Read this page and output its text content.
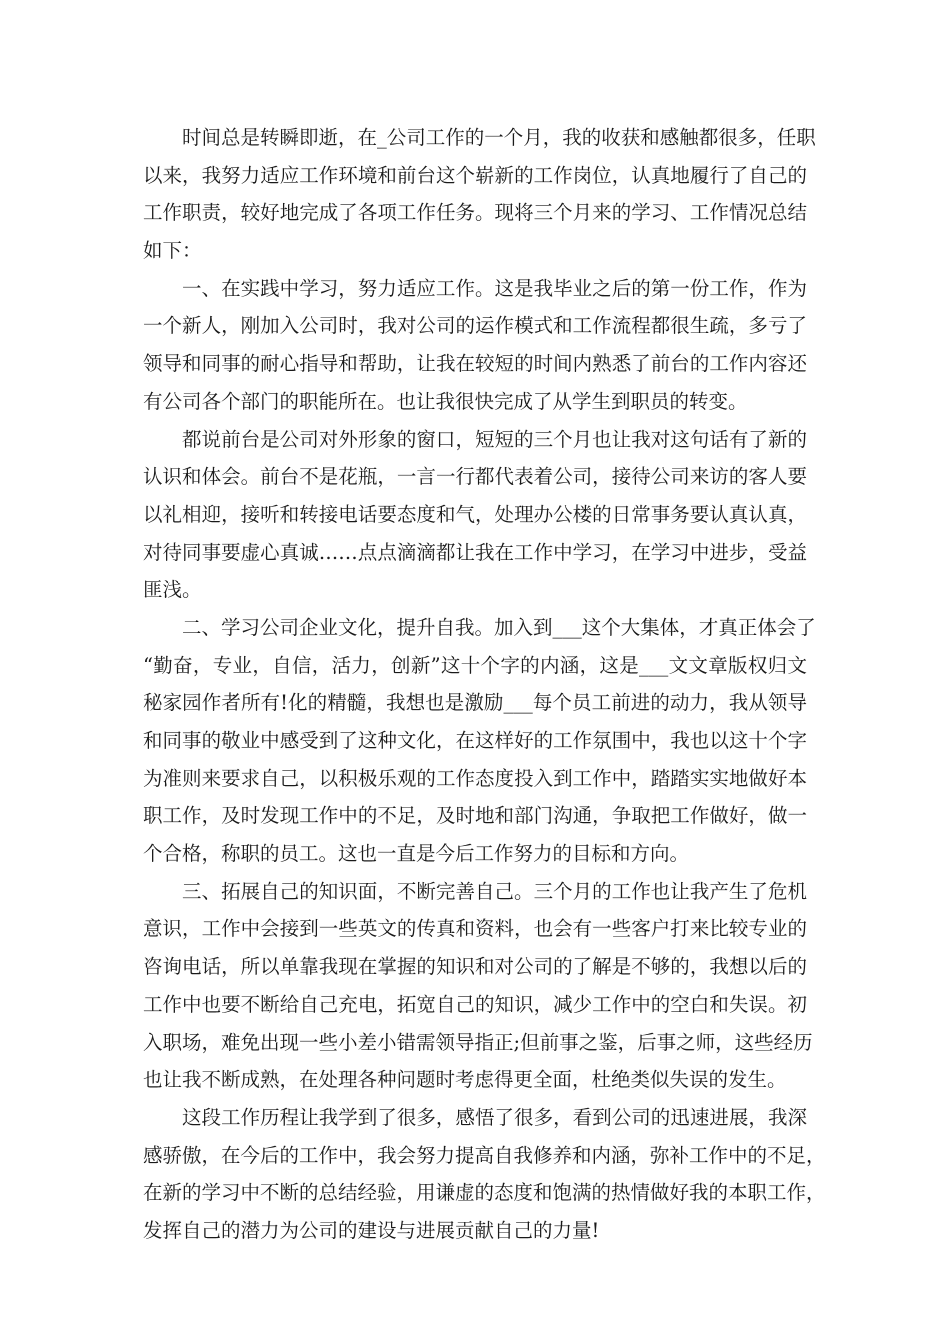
时间总是转瞬即逝，在_公司工作的一个月，我的收获和感触都很多，任职
以来，我努力适应工作环境和前台这个崭新的工作岗位，认真地履行了自己的
工作职责，较好地完成了各项工作任务。现将三个月来的学习、工作情况总结
如下：
一、在实践中学习，努力适应工作。这是我毕业之后的第一份工作，作为
一个新人，刚加入公司时，我对公司的运作模式和工作流程都很生疏，多亏了
领导和同事的耐心指导和帮助，让我在较短的时间内熟悉了前台的工作内容还
有公司各个部门的职能所在。也让我很快完成了从学生到职员的转变。
都说前台是公司对外形象的窗口，短短的三个月也让我对这句话有了新的
认识和体会。前台不是花瓶，一言一行都代表着公司，接待公司来访的客人要
以礼相迎，接听和转接电话要态度和气，处理办公楼的日常事务要认真认真，
对待同事要虚心真诚……点点滴滴都让我在工作中学习，在学习中进步，受益
匪浅。
二、学习公司企业文化，提升自我。加入到___这个大集体，才真正体会了
“勤奋，专业，自信，活力，创新”这十个字的内涵，这是___文文章版权归文
秘家园作者所有!化的精髓，我想也是激励___每个员工前进的动力，我从领导
和同事的敬业中感受到了这种文化，在这样好的工作氛围中，我也以这十个字
为准则来要求自己，以积极乐观的工作态度投入到工作中，踏踏实实地做好本
职工作，及时发现工作中的不足，及时地和部门沟通，争取把工作做好，做一
个合格，称职的员工。这也一直是今后工作努力的目标和方向。
三、拓展自己的知识面，不断完善自己。三个月的工作也让我产生了危机
意识，工作中会接到一些英文的传真和资料，也会有一些客户打来比较专业的
咨询电话，所以单靠我现在掌握的知识和对公司的了解是不够的，我想以后的
工作中也要不断给自己充电，拓宽自己的知识，减少工作中的空白和失误。初
入职场，难免出现一些小差小错需领导指正;但前事之鉴，后事之师，这些经历
也让我不断成熟，在处理各种问题时考虑得更全面，杜绝类似失误的发生。
这段工作历程让我学到了很多，感悟了很多，看到公司的迅速进展，我深
感骄傲，在今后的工作中，我会努力提高自我修养和内涵，弥补工作中的不足，
在新的学习中不断的总结经验，用谦虚的态度和饱满的热情做好我的本职工作，
发挥自己的潜力为公司的建设与进展贡献自己的力量!
